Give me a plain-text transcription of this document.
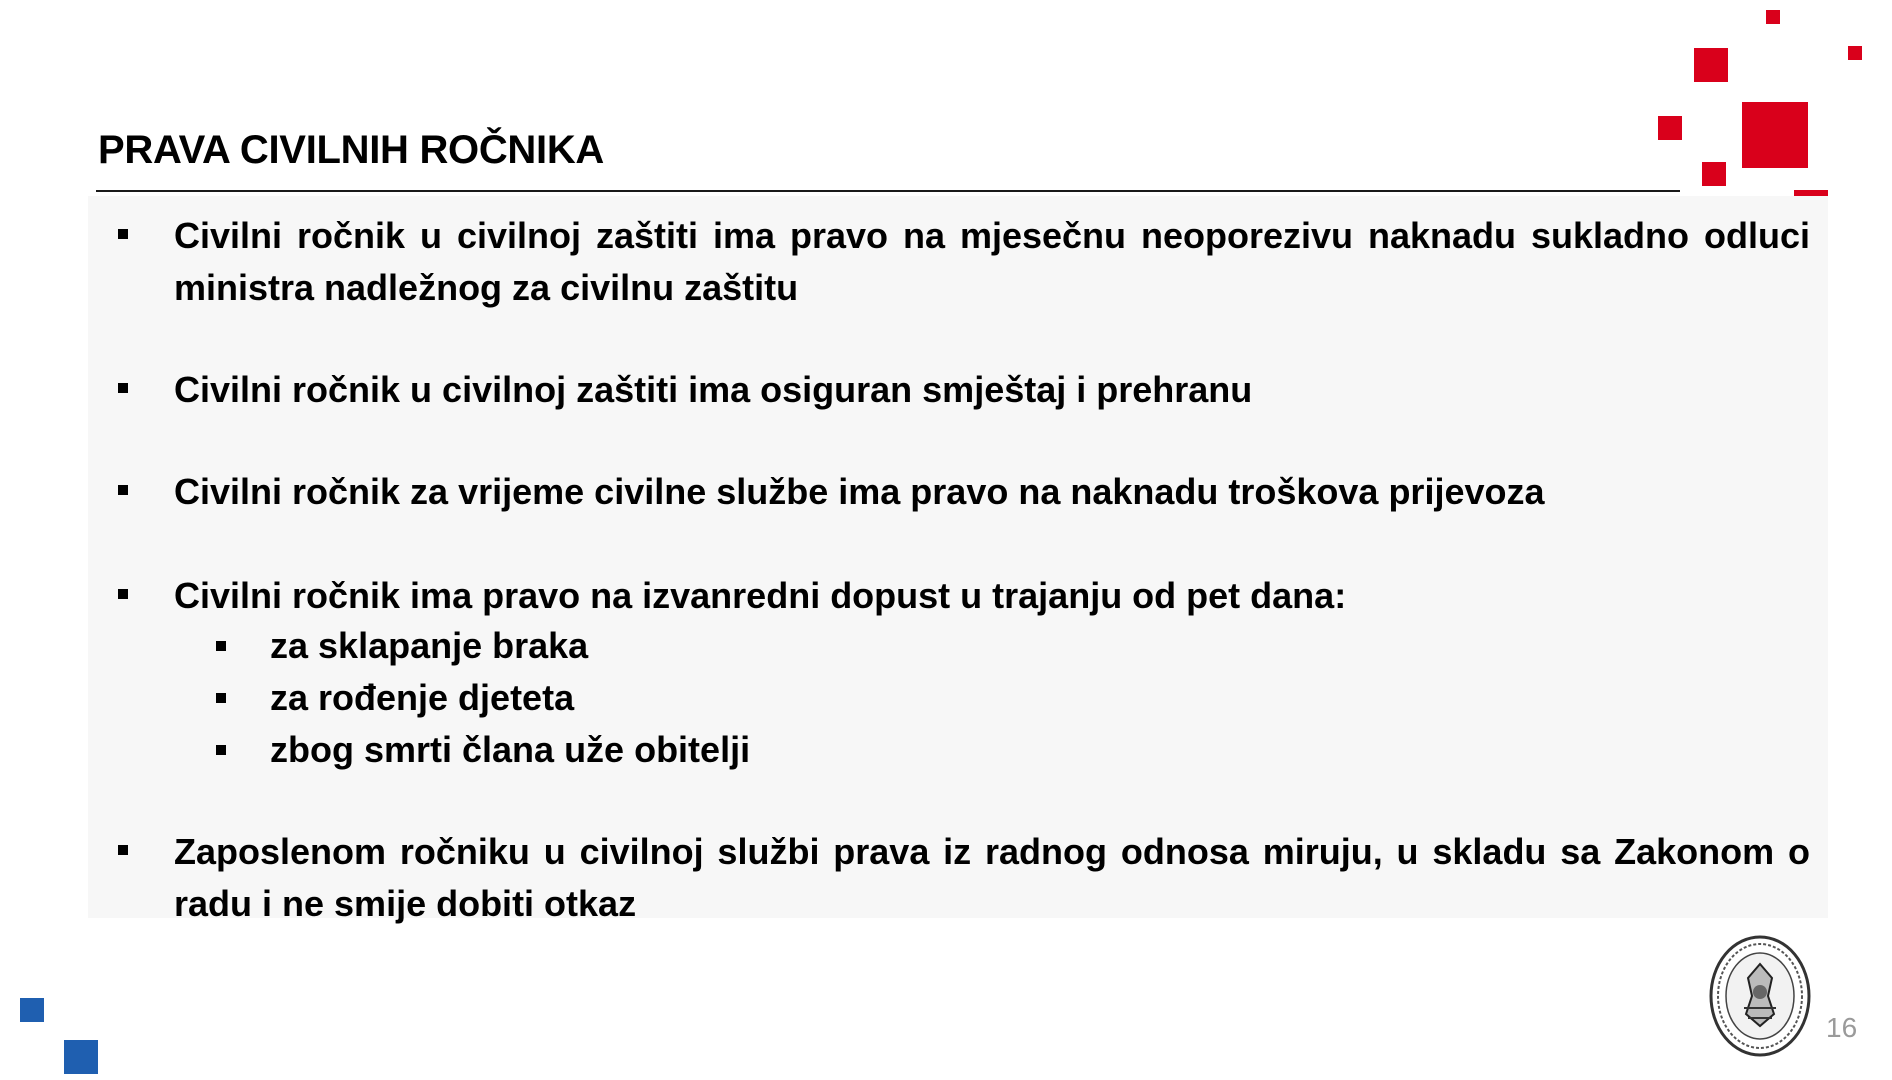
PRAVA CIVILNIH ROČNIKA
Civilni ročnik u civilnoj zaštiti ima pravo na mjesečnu neoporezivu naknadu sukladno odluci ministra nadležnog za civilnu zaštitu
Civilni ročnik u civilnoj zaštiti ima osiguran smještaj i prehranu
Civilni ročnik za vrijeme civilne službe ima pravo na naknadu troškova prijevoza
Civilni ročnik ima pravo na izvanredni dopust u trajanju od pet dana:
za sklapanje braka
za rođenje djeteta
zbog smrti člana uže obitelji
Zaposlenom ročniku u civilnoj službi prava iz radnog odnosa miruju, u skladu sa Zakonom o radu i ne smije dobiti otkaz
16
